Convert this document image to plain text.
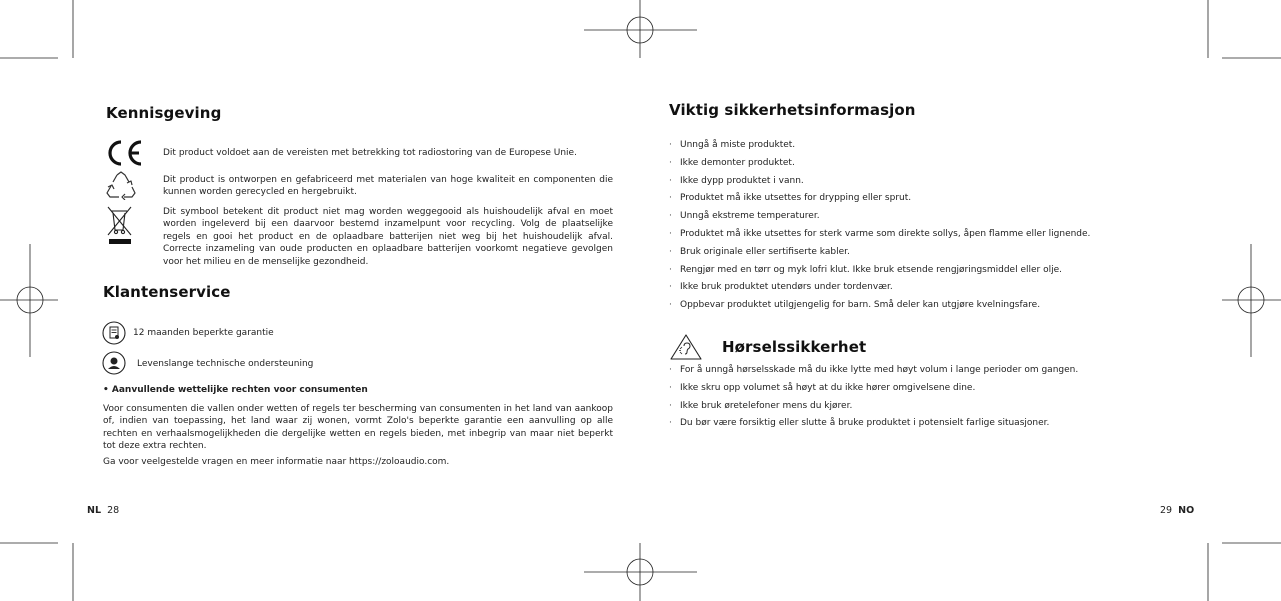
Kennisgeving
Dit product voldoet aan de vereisten met betrekking tot radiostoring van de Europese Unie.
Dit product is ontworpen en gefabriceerd met materialen van hoge kwaliteit en componenten die kunnen worden gerecycled en hergebruikt.
Dit symbool betekent dit product niet mag worden weggegooid als huishoudelijk afval en moet worden ingeleverd bij een daarvoor bestemd inzamelpunt voor recycling. Volg de plaatselijke regels en gooi het product en de oplaadbare batterijen niet weg bij het huishoudelijk afval. Correcte inzameling van oude producten en oplaadbare batterijen voorkomt negatieve gevolgen voor het milieu en de menselijke gezondheid.
Klantenservice
12 maanden beperkte garantie
Levenslange technische ondersteuning
• Aanvullende wettelijke rechten voor consumenten
Voor consumenten die vallen onder wetten of regels ter bescherming van consumenten in het land van aankoop of, indien van toepassing, het land waar zij wonen, vormt Zolo's beperkte garantie een aanvulling op alle rechten en verhaalsmogelijkheden die dergelijke wetten en regels bieden, met inbegrip van maar niet beperkt tot deze extra rechten.
Ga voor veelgestelde vragen en meer informatie naar https://zoloaudio.com.
NL 28
Viktig sikkerhetsinformasjon
· Unngå å miste produktet.
· Ikke demonter produktet.
· Ikke dypp produktet i vann.
· Produktet må ikke utsettes for drypping eller sprut.
· Unngå ekstreme temperaturer.
· Produktet må ikke utsettes for sterk varme som direkte sollys, åpen flamme eller lignende.
· Bruk originale eller sertifiserte kabler.
· Rengjør med en tørr og myk lofri klut. Ikke bruk etsende rengjøringsmiddel eller olje.
· Ikke bruk produktet utendørs under tordenvær.
· Oppbevar produktet utilgjengelig for barn. Små deler kan utgjøre kvelningsfare.
Hørselssikkerhet
· For å unngå hørselsskade må du ikke lytte med høyt volum i lange perioder om gangen.
· Ikke skru opp volumet så høyt at du ikke hører omgivelsene dine.
· Ikke bruk øretelefoner mens du kjører.
· Du bør være forsiktig eller slutte å bruke produktet i potensielt farlige situasjoner.
29 NO
